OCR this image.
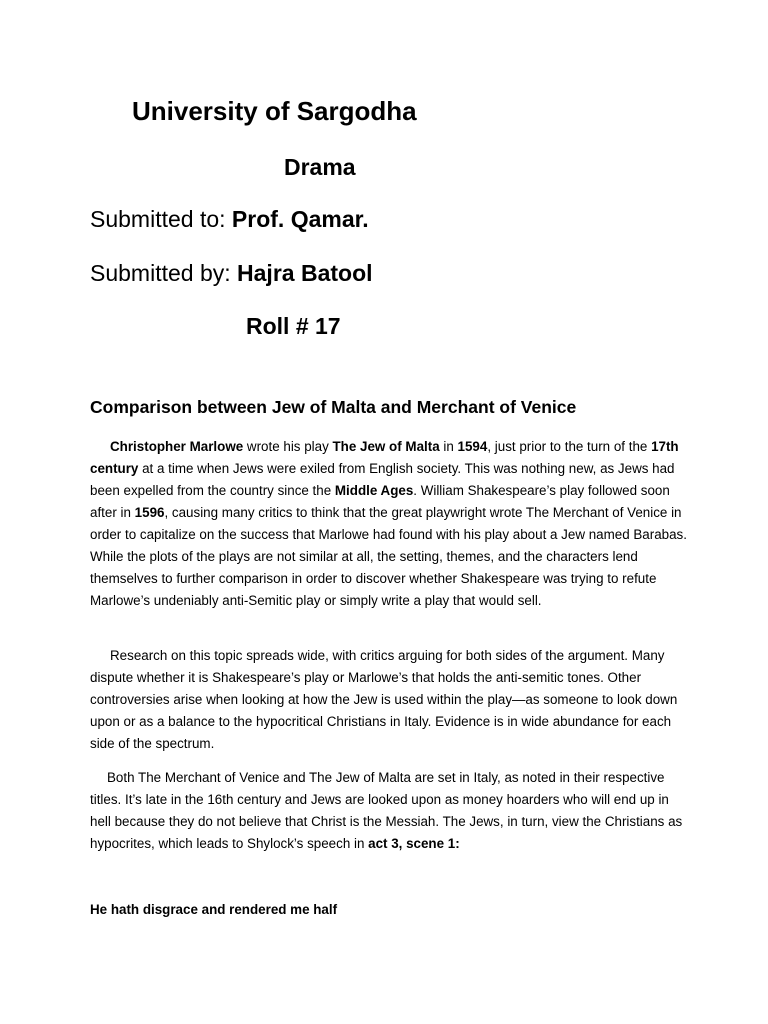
University of Sargodha
Drama
Submitted to: Prof. Qamar.
Submitted by: Hajra Batool
Roll # 17
Comparison between Jew of Malta and Merchant of Venice
Christopher Marlowe wrote his play The Jew of Malta in 1594, just prior to the turn of the 17th century at a time when Jews were exiled from English society. This was nothing new, as Jews had been expelled from the country since the Middle Ages. William Shakespeare’s play followed soon after in 1596, causing many critics to think that the great playwright wrote The Merchant of Venice in order to capitalize on the success that Marlowe had found with his play about a Jew named Barabas. While the plots of the plays are not similar at all, the setting, themes, and the characters lend themselves to further comparison in order to discover whether Shakespeare was trying to refute Marlowe’s undeniably anti-Semitic play or simply write a play that would sell.
Research on this topic spreads wide, with critics arguing for both sides of the argument. Many dispute whether it is Shakespeare’s play or Marlowe’s that holds the anti-semitic tones. Other controversies arise when looking at how the Jew is used within the play—as someone to look down upon or as a balance to the hypocritical Christians in Italy. Evidence is in wide abundance for each side of the spectrum.
Both The Merchant of Venice and The Jew of Malta are set in Italy, as noted in their respective titles. It’s late in the 16th century and Jews are looked upon as money hoarders who will end up in hell because they do not believe that Christ is the Messiah. The Jews, in turn, view the Christians as hypocrites, which leads to Shylock’s speech in act 3, scene 1:
He hath disgrace and rendered me half
